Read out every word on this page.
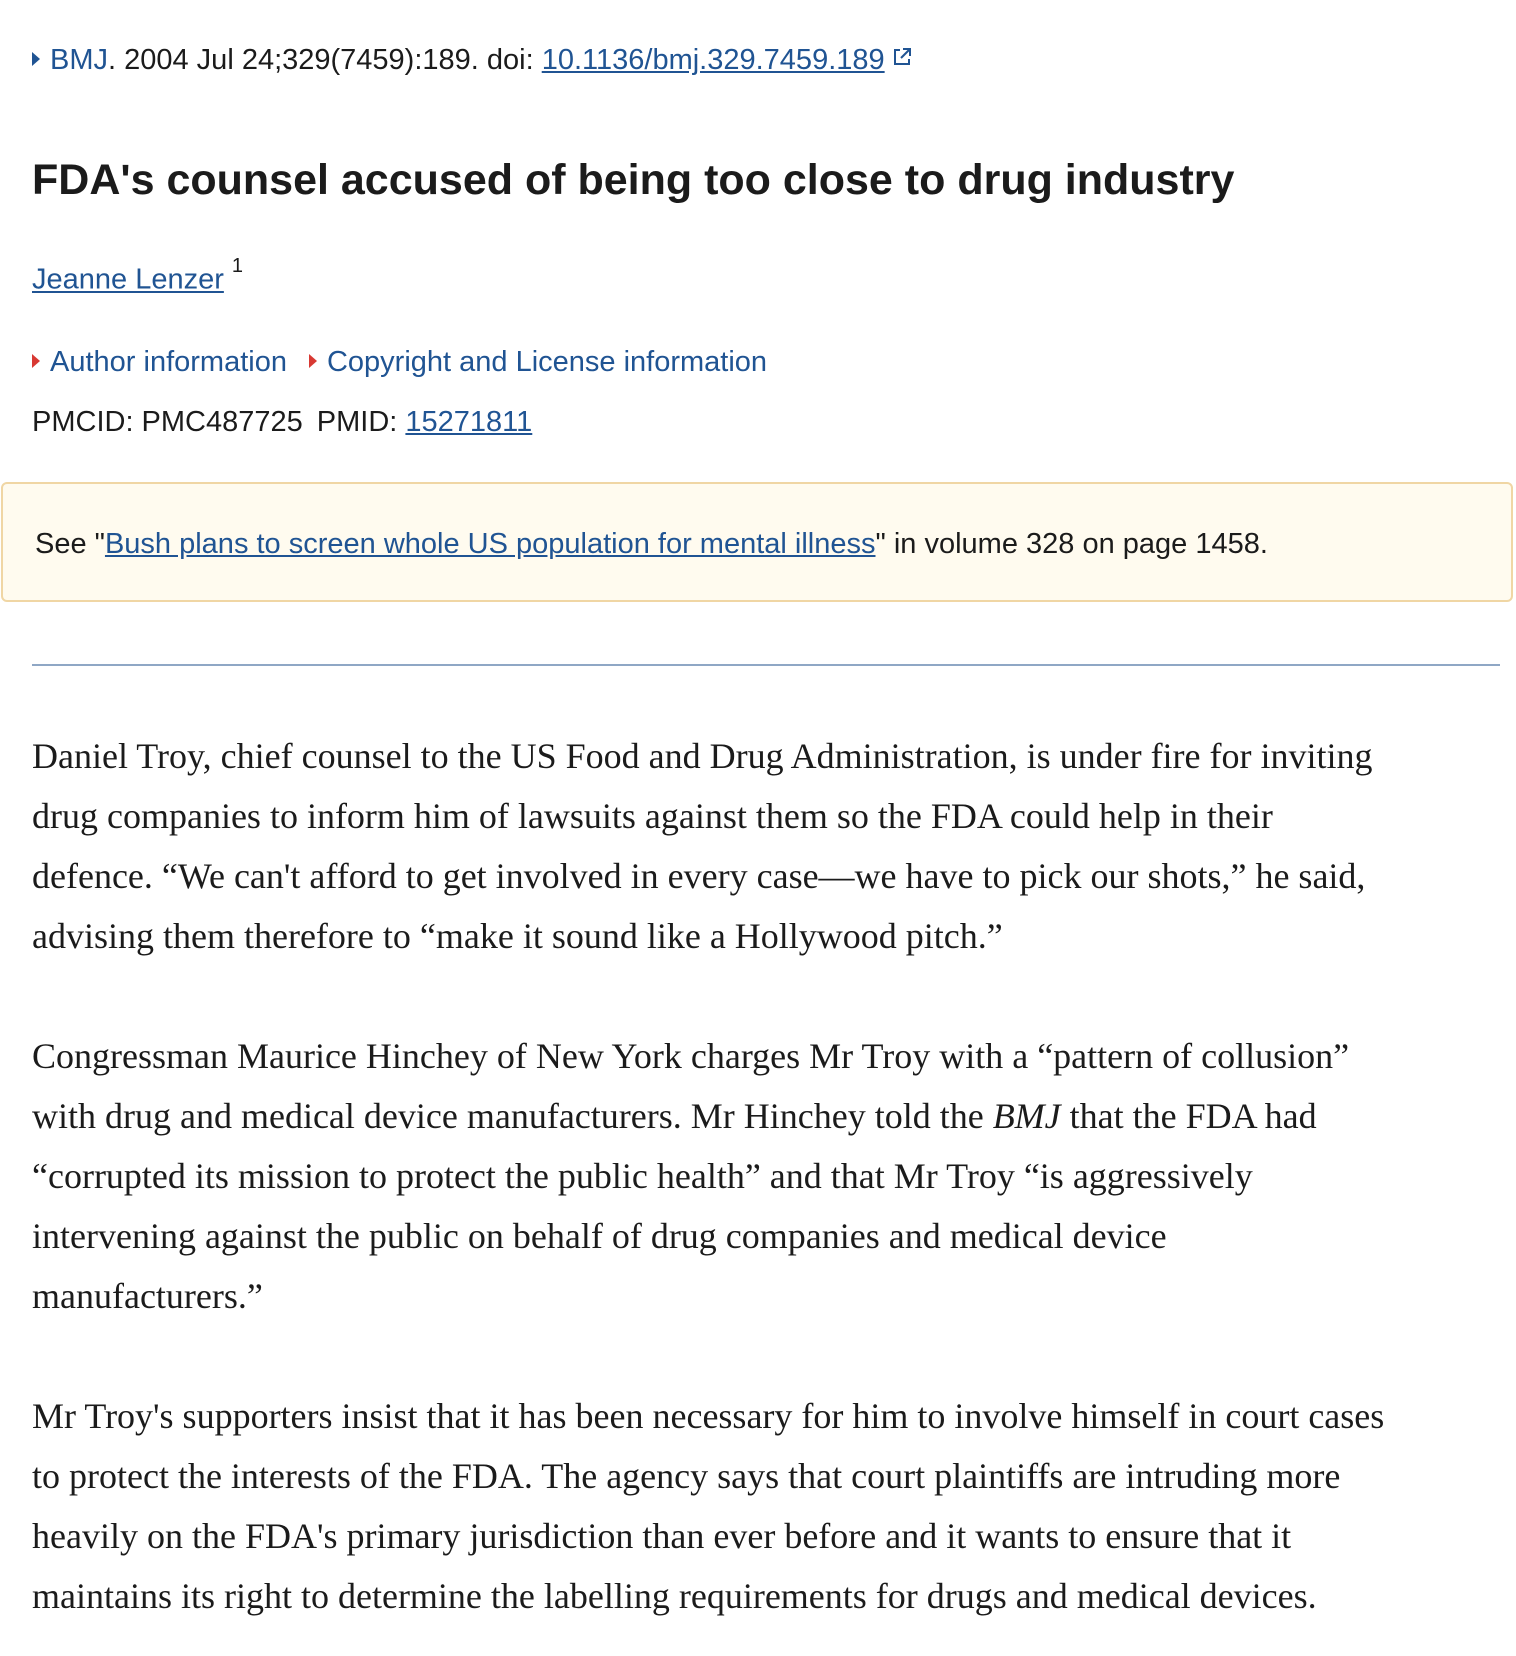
BMJ. 2004 Jul 24;329(7459):189. doi: 10.1136/bmj.329.7459.189
FDA's counsel accused of being too close to drug industry
Jeanne Lenzer $^1$
Author information Copyright and License information
PMCID: PMC487725 PMID: 15271811
See "Bush plans to screen whole US population for mental illness" in volume 328 on page 1458.

Daniel Troy, chief counsel to the US Food and Drug Administration, is under fire for inviting
drug companies to inform him of lawsuits against them so the FDA could help in their
defence. “We can't afford to get involved in every case—we have to pick our shots,” he said,
advising them therefore to “make it sound like a Hollywood pitch.”

Congressman Maurice Hinchey of New York charges Mr Troy with a “pattern of collusion”
with drug and medical device manufacturers. Mr Hinchey told the BMJ that the FDA had
“corrupted its mission to protect the public health” and that Mr Troy “is aggressively
intervening against the public on behalf of drug companies and medical device
manufacturers.”

Mr Troy's supporters insist that it has been necessary for him to involve himself in court cases
to protect the interests of the FDA. The agency says that court plaintiffs are intruding more
heavily on the FDA's primary jurisdiction than ever before and it wants to ensure that it
maintains its right to determine the labelling requirements for drugs and medical devices.
